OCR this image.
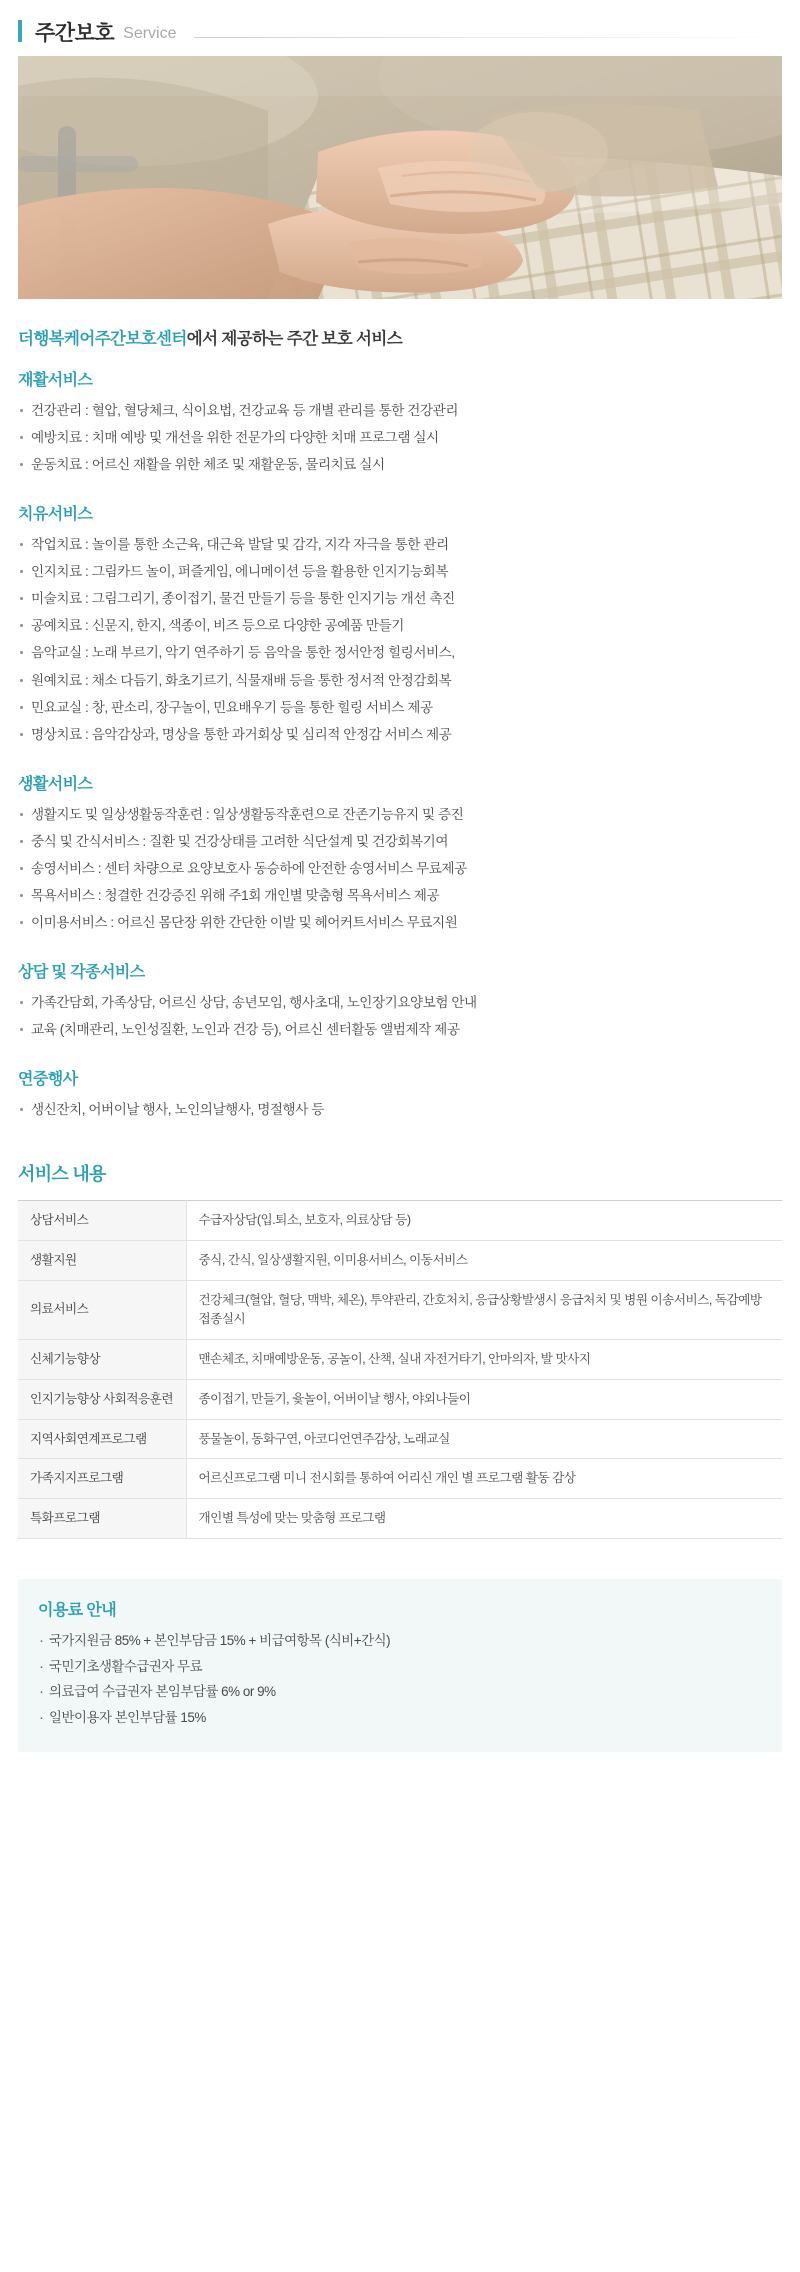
주간보호 Service
더행복케어주간보호센터에서 제공하는 주간 보호 서비스
재활서비스
건강관리 : 혈압, 혈당체크, 식이요법, 건강교육 등 개별 관리를 통한 건강관리
예방치료 : 치매 예방 및 개선을 위한 전문가의 다양한 치매 프로그램 실시
운동치료 : 어르신 재활을 위한 체조 및 재활운동, 물리치료 실시
치유서비스
작업치료 : 놀이를 통한 소근육, 대근육 발달 및 감각, 지각 자극을 통한 관리
인지치료 : 그림카드 놀이, 퍼즐게임, 에니메이션 등을 활용한 인지기능회복
미술치료 : 그림그리기, 종이접기, 물건 만들기 등을 통한 인지기능 개선 촉진
공예치료 : 신문지, 한지, 색종이, 비즈 등으로 다양한 공예품 만들기
음악교실 : 노래 부르기, 악기 연주하기 등 음악을 통한 정서안정 힐링서비스,
원예치료 : 채소 다듬기, 화초기르기, 식물재배 등을 통한 정서적 안정감회복
민요교실 : 창, 판소리, 장구놀이, 민요배우기 등을 통한 힐링 서비스 제공
명상치료 : 음악감상과, 명상을 통한 과거회상 및 심리적 안정감 서비스 제공
생활서비스
생활지도 및 일상생활동작훈련 : 일상생활동작훈련으로 잔존기능유지 및 증진
중식 및 간식서비스 : 질환 및 건강상태를 고려한 식단설계 및 건강회복기여
송영서비스 : 센터 차량으로 요양보호사 동승하에 안전한 송영서비스 무료제공
목욕서비스 : 청결한 건강증진 위해 주1회 개인별 맞춤형 목욕서비스 제공
이미용서비스 : 어르신 몸단장 위한 간단한 이발 및 헤어커트서비스 무료지원
상담 및 각종서비스
가족간담회, 가족상담, 어르신 상담, 송년모임, 행사초대, 노인장기요양보험 안내
교육 (치매관리, 노인성질환, 노인과 건강 등), 어르신 센터활동 앨범제작 제공
연중행사
생신잔치, 어버이날 행사, 노인의날행사, 명절행사 등
서비스 내용
상담서비스	수급자상담(입.퇴소, 보호자, 의료상담 등)
생활지원	중식, 간식, 일상생활지원, 이미용서비스, 이동서비스
의료서비스	건강체크(혈압, 혈당, 맥박, 체온), 투약관리, 간호처치, 응급상황발생시 응급처치 및 병원 이송서비스, 독감예방접종실시
신체기능향상	맨손체조, 치매예방운동, 공놀이, 산책, 실내 자전거타기, 안마의자, 발 맛사지
인지기능향상 사회적응훈련	종이접기, 만들기, 윷놀이, 어버이날 행사, 야외나들이
지역사회연계프로그램	풍물놀이, 동화구연, 아코디언연주감상, 노래교실
가족지지프로그램	어르신프로그램 미니 전시회를 통하여 어리신 개인 별 프로그램 활동 감상
특화프로그램	개인별 특성에 맞는 맞춤형 프로그램
이용료 안내
· 국가지원금 85% + 본인부담금 15% + 비급여항목 (식비+간식)
· 국민기초생활수급권자 무료
· 의료급여 수급권자 본임부담률 6% or 9%
· 일반이용자 본인부담률 15%
